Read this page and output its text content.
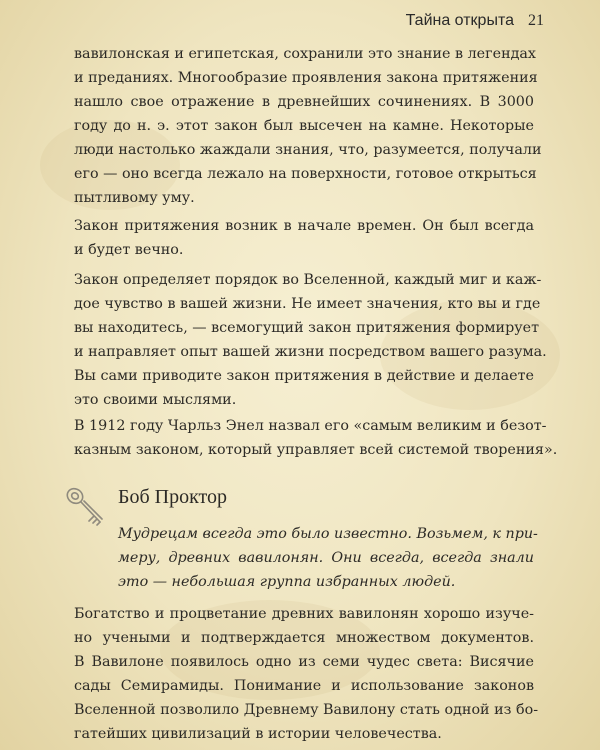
Тайна открыта 21

вавилонская и египетская, сохранили это знание в легендах
и преданиях. Многообразие проявления закона притяжения
нашло свое отражение в древнейших сочинениях. В 3000
году до н. э. этот закон был высечен на камне. Некоторые
люди настолько жаждали знания, что, разумеется, получали
его — оно всегда лежало на поверхности, готовое открыться
пытливому уму.

Закон притяжения возник в начале времен. Он был всегда
и будет вечно.

Закон определяет порядок во Вселенной, каждый миг и каж-
дое чувство в вашей жизни. Не имеет значения, кто вы и где
вы находитесь, — всемогущий закон притяжения формирует
и направляет опыт вашей жизни посредством вашего разума.
Вы сами приводите закон притяжения в действие и делаете
это своими мыслями.

В 1912 году Чарльз Энел назвал его «самым великим и безот-
казным законом, который управляет всей системой творения».

Боб Проктор

Мудрецам всегда это было известно. Возьмем, к при-
меру, древних вавилонян. Они всегда, всегда знали
это — небольшая группа избранных людей.

Богатство и процветание древних вавилонян хорошо изуче-
но учеными и подтверждается множеством документов.
В Вавилоне появилось одно из семи чудес света: Висячие
сады Семирамиды. Понимание и использование законов
Вселенной позволило Древнему Вавилону стать одной из бо-
гатейших цивилизаций в истории человечества.
